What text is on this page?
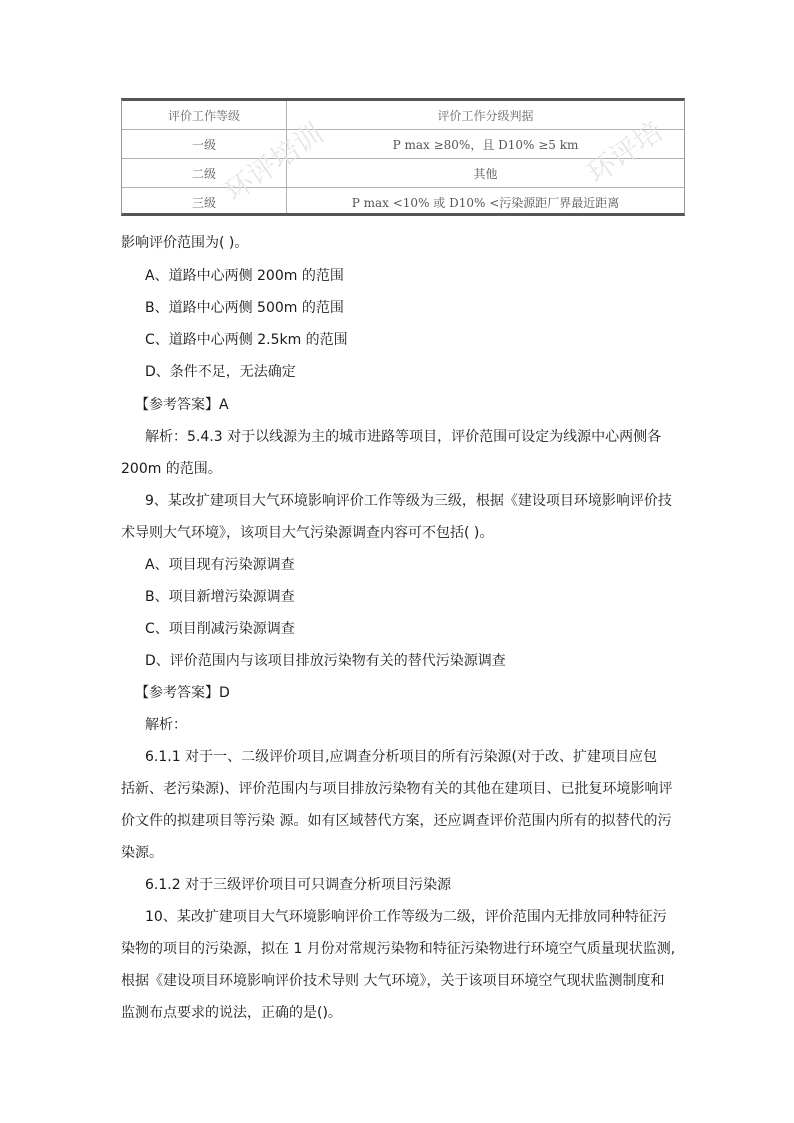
环评培训	环评培
评价工作等级	评价工作分级判据
一级	P max ≥80%，且 D10% ≥5 km
二级	其他
三级	P max <10% 或 D10% <污染源距厂界最近距离
影响评价范围为( )。
A、道路中心两侧 200m 的范围
B、道路中心两侧 500m 的范围
C、道路中心两侧 2.5km 的范围
D、条件不足，无法确定
【参考答案】A
解析：5.4.3 对于以线源为主的城市进路等项目，评价范围可设定为线源中心两侧各
200m 的范围。
9、某改扩建项目大气环境影响评价工作等级为三级，根据《建设项目环境影响评价技
术导则大气环境》，该项目大气污染源调查内容可不包括( )。
A、项目现有污染源调查
B、项目新增污染源调查
C、项目削减污染源调查
D、评价范围内与该项目排放污染物有关的替代污染源调查
【参考答案】D
解析：
6.1.1 对于一、二级评价项目,应调查分析项目的所有污染源(对于改、扩建项目应包
括新、老污染源)、评价范围内与项目排放污染物有关的其他在建项目、已批复环境影响评
价文件的拟建项目等污染 源。如有区域替代方案，还应调查评价范围内所有的拟替代的污
染源。
6.1.2 对于三级评价项目可只调查分析项目污染源
10、某改扩建项目大气环境影响评价工作等级为二级，评价范围内无排放同种特征污
染物的项目的污染源，拟在 1 月份对常规污染物和特征污染物进行环境空气质量现状监测,
根据《建设项目环境影响评价技术导则 大气环境》，关于该项目环境空气现状监测制度和
监测布点要求的说法，正确的是()。
